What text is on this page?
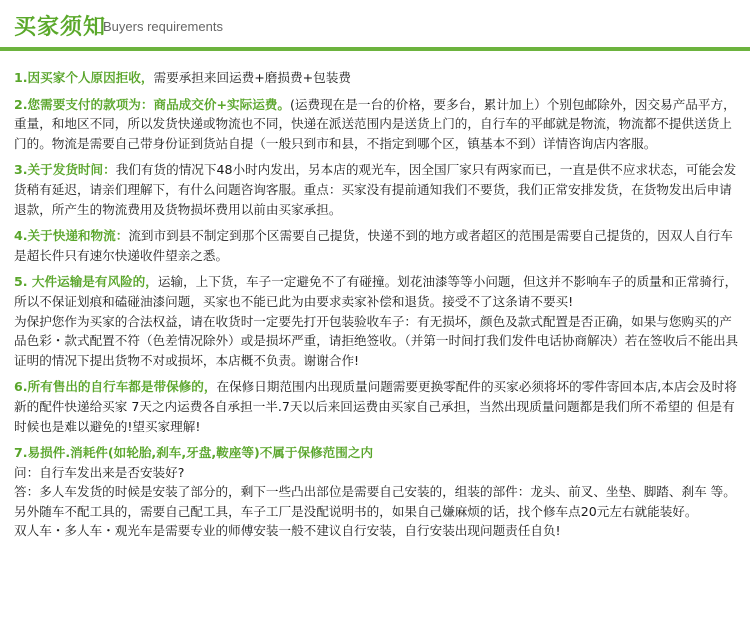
买家须知
Buyers requirements

1.因买家个人原因拒收，需要承担来回运费+磨损费+包装费

2.您需要支付的款项为：商品成交价+实际运费。(运费现在是一台的价格，要多台，累计加上）个别包邮除外，因交易产品平方，重量，和地区不同，所以发货快递或物流也不同，快递在派送范围内是送货上门的，自行车的平邮就是物流，物流都不提供送货上门的。物流是需要自己带身份证到货站自提（一般只到市和县，不指定到哪个区，镇基本不到）详情咨询店内客服。

3.关于发货时间：我们有货的情况下48小时内发出，另本店的观光车，因全国厂家只有两家而已，一直是供不应求状态，可能会发货稍有延迟，请亲们理解下，有什么问题咨询客服。重点：买家没有提前通知我们不要货，我们正常安排发货，在货物发出后申请退款，所产生的物流费用及货物损坏费用以前由买家承担。

4.关于快递和物流：流到市到县不制定到那个区需要自己提货，快递不到的地方或者超区的范围是需要自己提货的，因双人自行车是超长件只有速尔快递收件望亲之悉。

5. 大件运输是有风险的，运输，上下货，车子一定避免不了有碰撞。划花油漆等等小问题，但这并不影响车子的质量和正常骑行，所以不保证划痕和磕碰油漆问题，买家也不能已此为由要求卖家补偿和退货。接受不了这条请不要买!

为保护您作为买家的合法权益，请在收货时一定要先打开包装验收车子：有无损坏，颜色及款式配置是否正确，如果与您购买的产品色彩・款式配置不符（色差情况除外）或是损坏严重，请拒绝签收。（并第一时间打我们发件电话协商解决）若在签收后不能出具证明的情况下提出货物不对或损坏，本店概不负责。谢谢合作!

6.所有售出的自行车都是带保修的，在保修日期范围内出现质量问题需要更换零配件的买家必须将坏的零件寄回本店,本店会及时将新的配件快递给买家 7天之内运费各自承担一半.7天以后来回运费由买家自己承担，当然出现质量问题都是我们所不希望的 但是有时候也是难以避免的!望买家理解!

7.易损件.消耗件(如轮胎,刹车,牙盘,鞍座等)不属于保修范围之内

问：自行车发出来是否安装好?

答：多人车发货的时候是安装了部分的，剩下一些凸出部位是需要自己安装的，组装的部件：龙头、前叉、坐垫、脚踏、刹车 等。另外随车不配工具的，需要自己配工具，车子工厂是没配说明书的，如果自己嫌麻烦的话，找个修车点20元左右就能装好。

双人车・多人车・观光车是需要专业的师傅安装一般不建议自行安装，自行安装出现问题责任自负!
